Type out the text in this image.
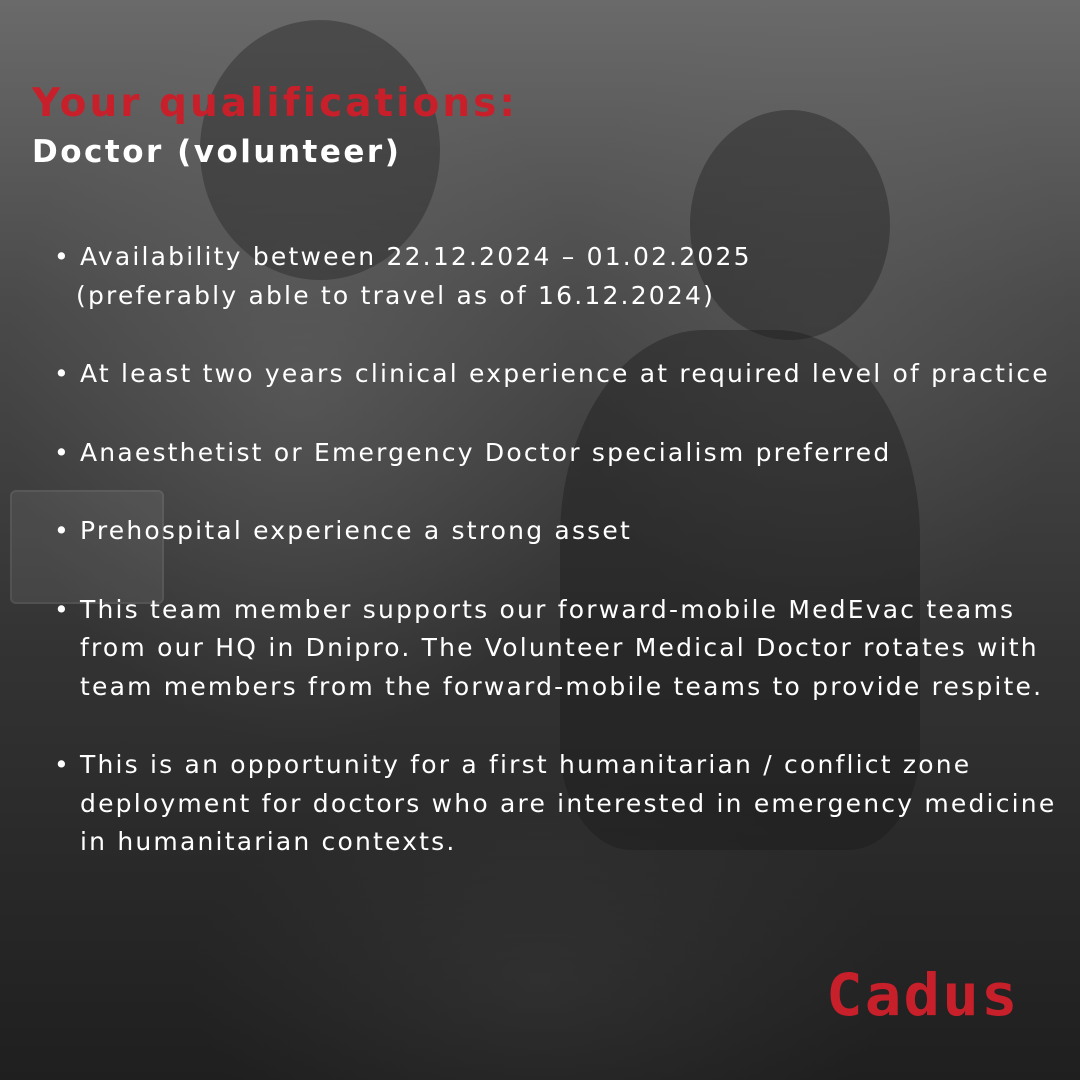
Your qualifications:
Doctor (volunteer)
• Availability between 22.12.2024 – 01.02.2025
(preferably able to travel as of 16.12.2024)
• At least two years clinical experience at required level of practice
• Anaesthetist or Emergency Doctor specialism preferred
• Prehospital experience a strong asset
• This team member supports our forward-mobile MedEvac teams from our HQ in Dnipro. The Volunteer Medical Doctor rotates with team members from the forward-mobile teams to provide respite.
• This is an opportunity for a first humanitarian / conflict zone deployment for doctors who are interested in emergency medicine in humanitarian contexts.
Cadus
